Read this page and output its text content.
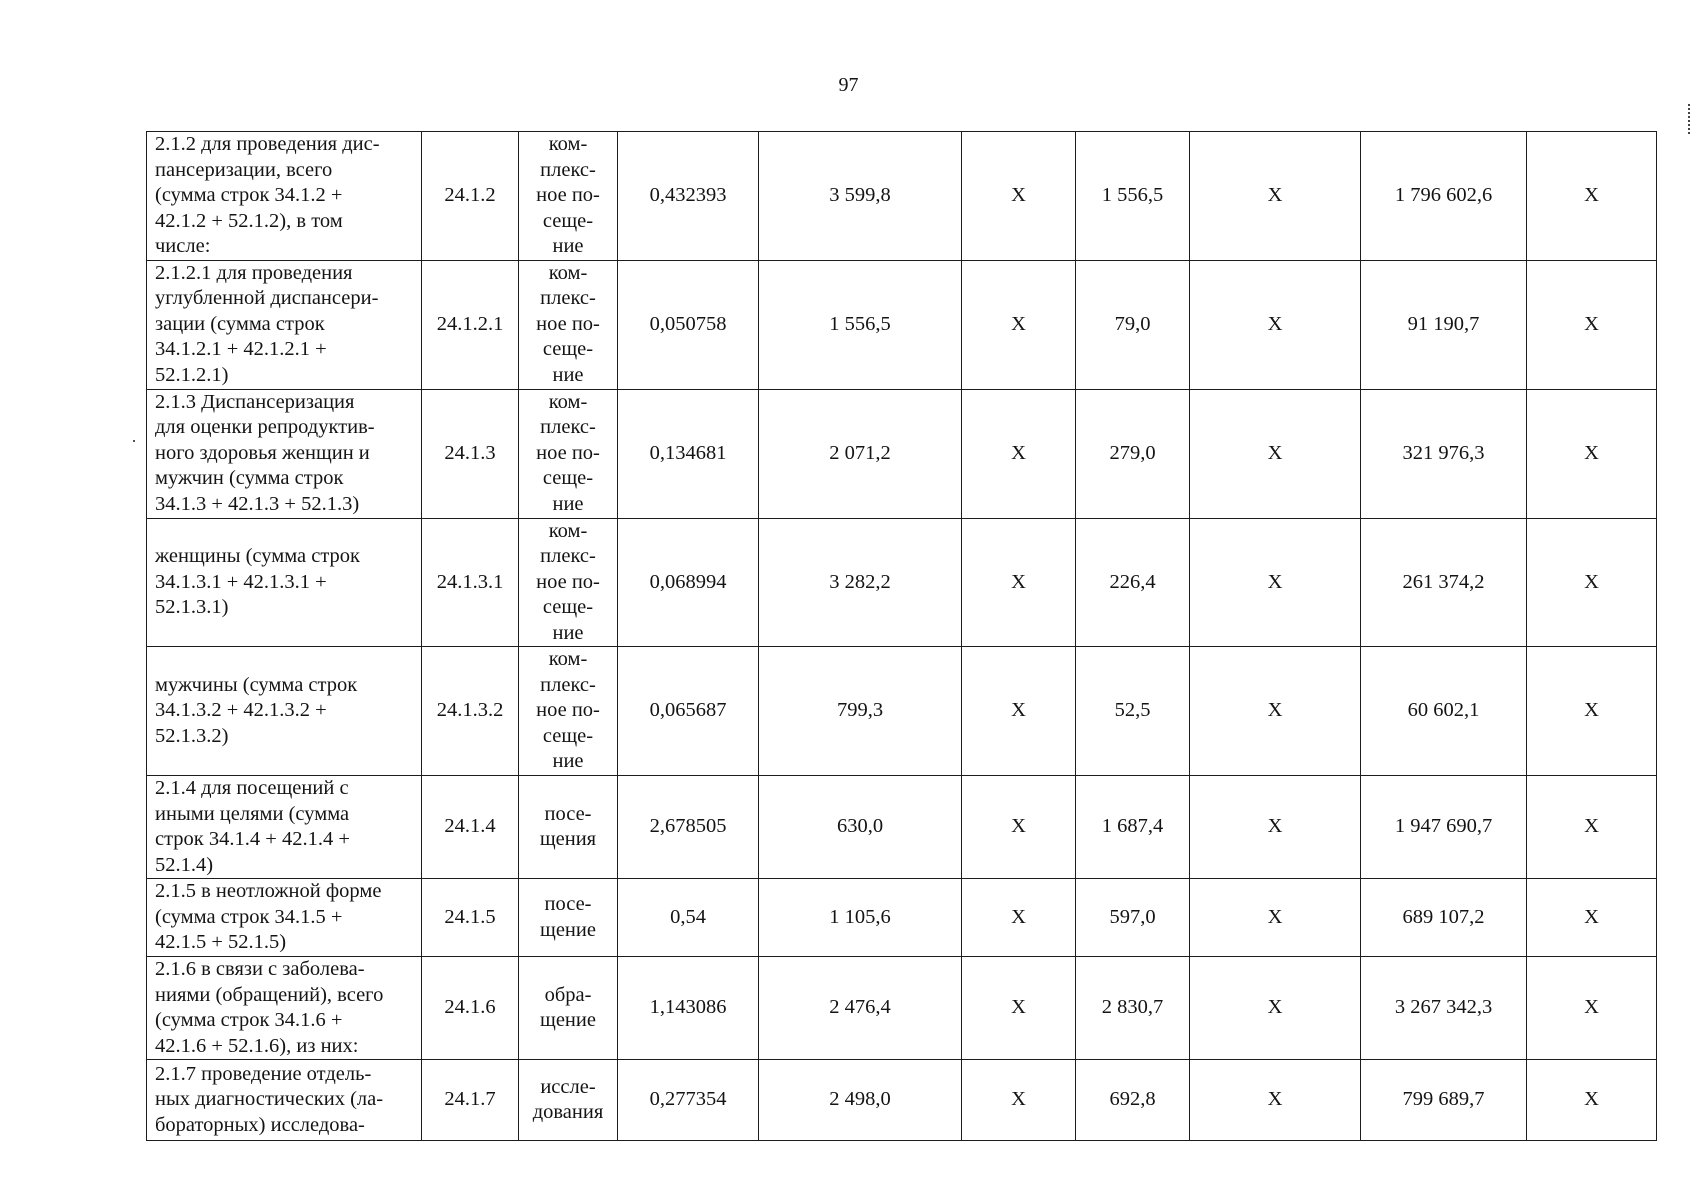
97
2.1.2 для проведения дис-
пансеризации, всего
(сумма строк 34.1.2 +
42.1.2 + 52.1.2), в том
числе:	24.1.2	ком-
плекс-
ное по-
сеще-
ние	0,432393	3 599,8	X	1 556,5	X	1 796 602,6	X
2.1.2.1 для проведения
углубленной диспансери-
зации (сумма строк
34.1.2.1 + 42.1.2.1 +
52.1.2.1)	24.1.2.1	ком-
плекс-
ное по-
сеще-
ние	0,050758	1 556,5	X	79,0	X	91 190,7	X
2.1.3 Диспансеризация
для оценки репродуктив-
ного здоровья женщин и
мужчин (сумма строк
34.1.3 + 42.1.3 + 52.1.3)	24.1.3	ком-
плекс-
ное по-
сеще-
ние	0,134681	2 071,2	X	279,0	X	321 976,3	X
женщины (сумма строк
34.1.3.1 + 42.1.3.1 +
52.1.3.1)	24.1.3.1	ком-
плекс-
ное по-
сеще-
ние	0,068994	3 282,2	X	226,4	X	261 374,2	X
мужчины (сумма строк
34.1.3.2 + 42.1.3.2 +
52.1.3.2)	24.1.3.2	ком-
плекс-
ное по-
сеще-
ние	0,065687	799,3	X	52,5	X	60 602,1	X
2.1.4 для посещений с
иными целями (сумма
строк 34.1.4 + 42.1.4 +
52.1.4)	24.1.4	посе-
щения	2,678505	630,0	X	1 687,4	X	1 947 690,7	X
2.1.5 в неотложной форме
(сумма строк 34.1.5 +
42.1.5 + 52.1.5)	24.1.5	посе-
щение	0,54	1 105,6	X	597,0	X	689 107,2	X
2.1.6 в связи с заболева-
ниями (обращений), всего
(сумма строк 34.1.6 +
42.1.6 + 52.1.6), из них:	24.1.6	обра-
щение	1,143086	2 476,4	X	2 830,7	X	3 267 342,3	X
2.1.7 проведение отдель-
ных диагностических (ла-
бораторных) исследова-	24.1.7	иссле-
дования	0,277354	2 498,0	X	692,8	X	799 689,7	X
